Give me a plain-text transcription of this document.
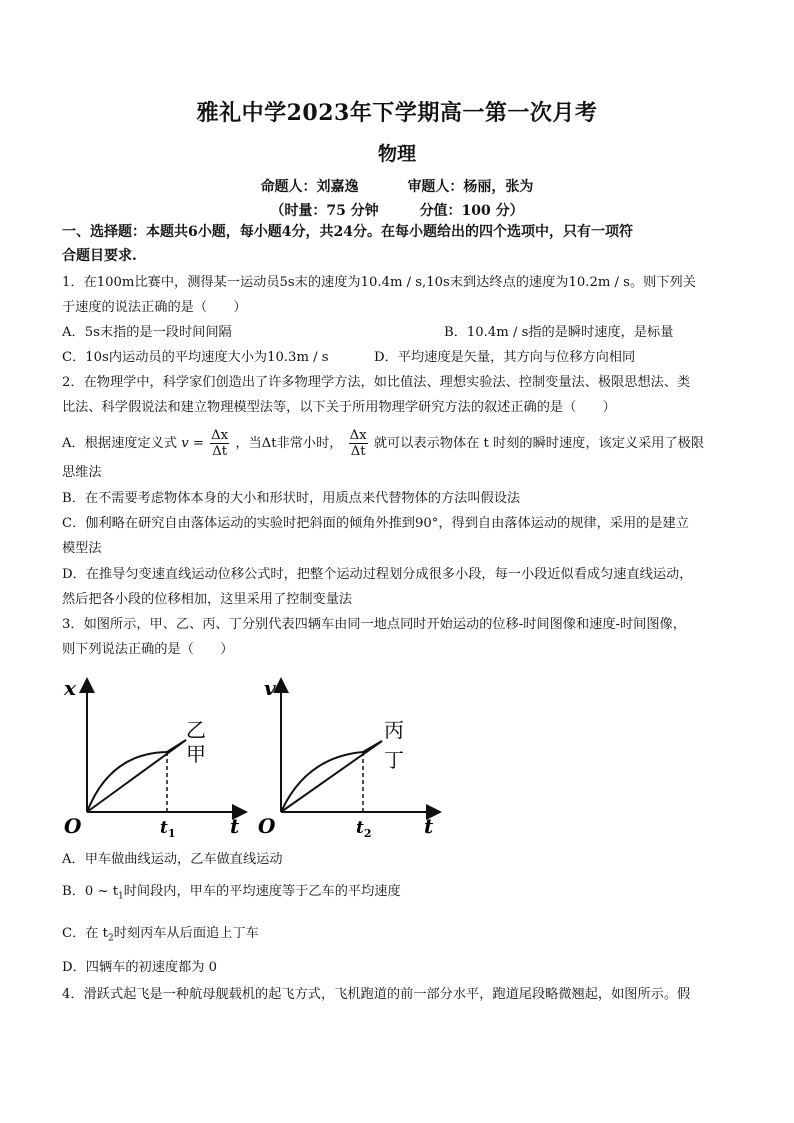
雅礼中学2023年下学期高一第一次月考
物理
命题人：刘嘉逸	审题人：杨丽，张为
（时量：75 分钟	分值：100 分）
一、选择题：本题共6小题，每小题4分，共24分。在每小题给出的四个选项中，只有一项符
合题目要求.
1．在100m比赛中，测得某一运动员5s末的速度为10.4m / s,10s末到达终点的速度为10.2m / s。则下列关
于速度的说法正确的是（　　）
A．5s末指的是一段时间间隔	B．10.4m / s指的是瞬时速度，是标量
C．10s内运动员的平均速度大小为10.3m / s	D．平均速度是矢量，其方向与位移方向相同
2．在物理学中，科学家们创造出了许多物理学方法，如比值法、理想实验法、控制变量法、极限思想法、类
比法、科学假说法和建立物理模型法等，以下关于所用物理学研究方法的叙述正确的是（　　）
A．根据速度定义式 $v = \frac{\Delta x}{\Delta t}$ ，当Δt非常小时， $\frac{\Delta x}{\Delta t}$ 就可以表示物体在 t 时刻的瞬时速度，该定义采用了极限
思维法
B．在不需要考虑物体本身的大小和形状时，用质点来代替物体的方法叫假设法
C．伽利略在研究自由落体运动的实验时把斜面的倾角外推到90°，得到自由落体运动的规律，采用的是建立
模型法
D．在推导匀变速直线运动位移公式时，把整个运动过程划分成很多小段，每一小段近似看成匀速直线运动，
然后把各小段的位移相加，这里采用了控制变量法
3．如图所示，甲、乙、丙、丁分别代表四辆车由同一地点同时开始运动的位移-时间图像和速度-时间图像，
则下列说法正确的是（　　）
x
t
O	$t_1$
乙
甲
v
t
O	$t_2$
丙
丁
A．甲车做曲线运动，乙车做直线运动
B．0 ~ $t_1$时间段内，甲车的平均速度等于乙车的平均速度
C．在 $t_2$时刻丙车从后面追上丁车
D．四辆车的初速度都为 0
4．滑跃式起飞是一种航母舰载机的起飞方式，飞机跑道的前一部分水平，跑道尾段略微翘起，如图所示。假
